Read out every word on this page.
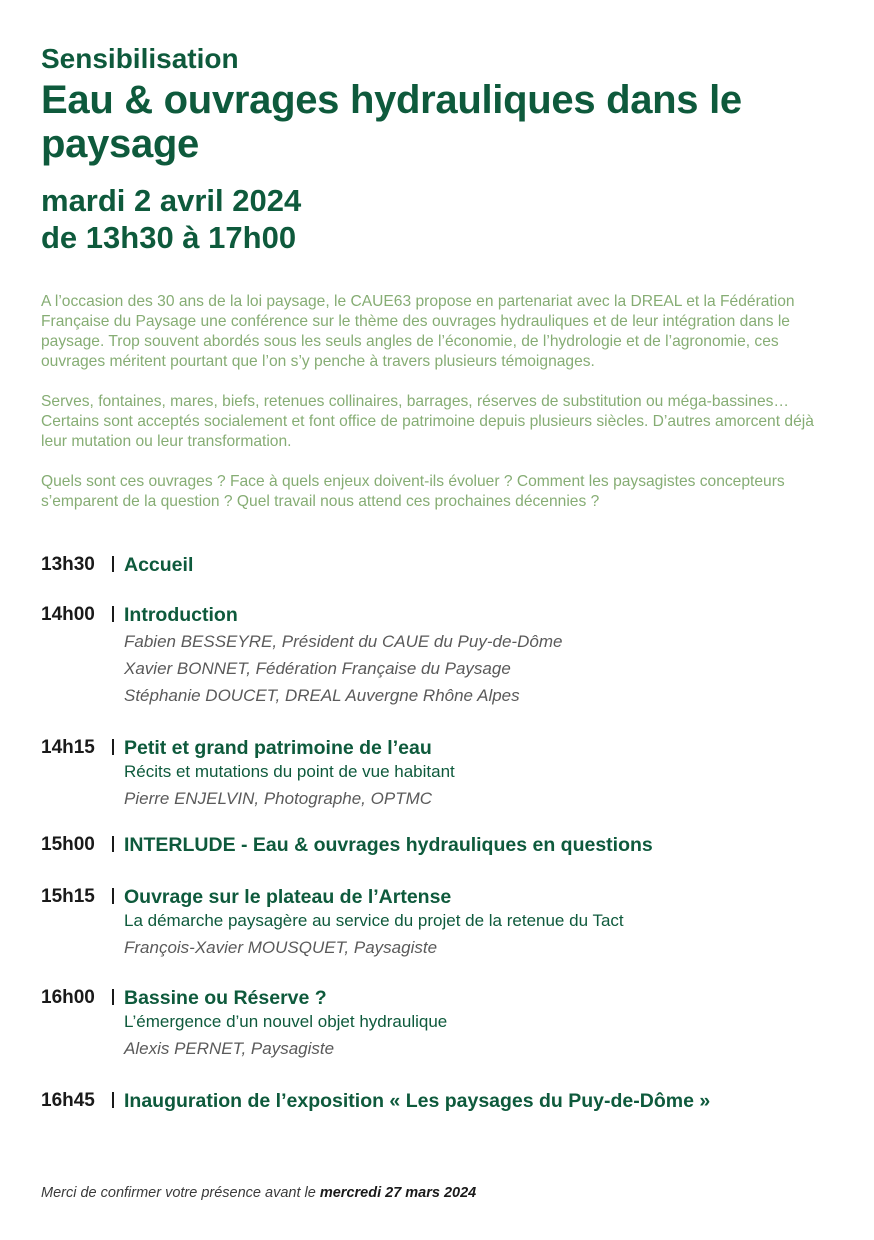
Sensibilisation
Eau & ouvrages hydrauliques dans le paysage
mardi 2 avril 2024
de 13h30 à 17h00

A l’occasion des 30 ans de la loi paysage, le CAUE63 propose en partenariat avec la DREAL et la Fédération Française du Paysage une conférence sur le thème des ouvrages hydrauliques et de leur intégration dans le paysage. Trop souvent abordés sous les seuls angles de l’économie, de l’hydrologie et de l’agronomie, ces ouvrages méritent pourtant que l’on s’y penche à travers plusieurs témoignages.

Serves, fontaines, mares, biefs, retenues collinaires, barrages, réserves de substitution ou méga-bassines… Certains sont acceptés socialement et font office de patrimoine depuis plusieurs siècles. D’autres amorcent déjà leur mutation ou leur transformation.

Quels sont ces ouvrages ? Face à quels enjeux doivent-ils évoluer ? Comment les paysagistes concepteurs s’emparent de la question ? Quel travail nous attend ces prochaines décennies ?

13h30 Accueil
14h00 Introduction
Fabien BESSEYRE, Président du CAUE du Puy-de-Dôme
Xavier BONNET, Fédération Française du Paysage
Stéphanie DOUCET, DREAL Auvergne Rhône Alpes
14h15 Petit et grand patrimoine de l’eau
Récits et mutations du point de vue habitant
Pierre ENJELVIN, Photographe, OPTMC
15h00 INTERLUDE - Eau & ouvrages hydrauliques en questions
15h15 Ouvrage sur le plateau de l’Artense
La démarche paysagère au service du projet de la retenue du Tact
François-Xavier MOUSQUET, Paysagiste
16h00 Bassine ou Réserve ?
L’émergence d’un nouvel objet hydraulique
Alexis PERNET, Paysagiste
16h45 Inauguration de l’exposition « Les paysages du Puy-de-Dôme »
Merci de confirmer votre présence avant le mercredi 27 mars 2024
